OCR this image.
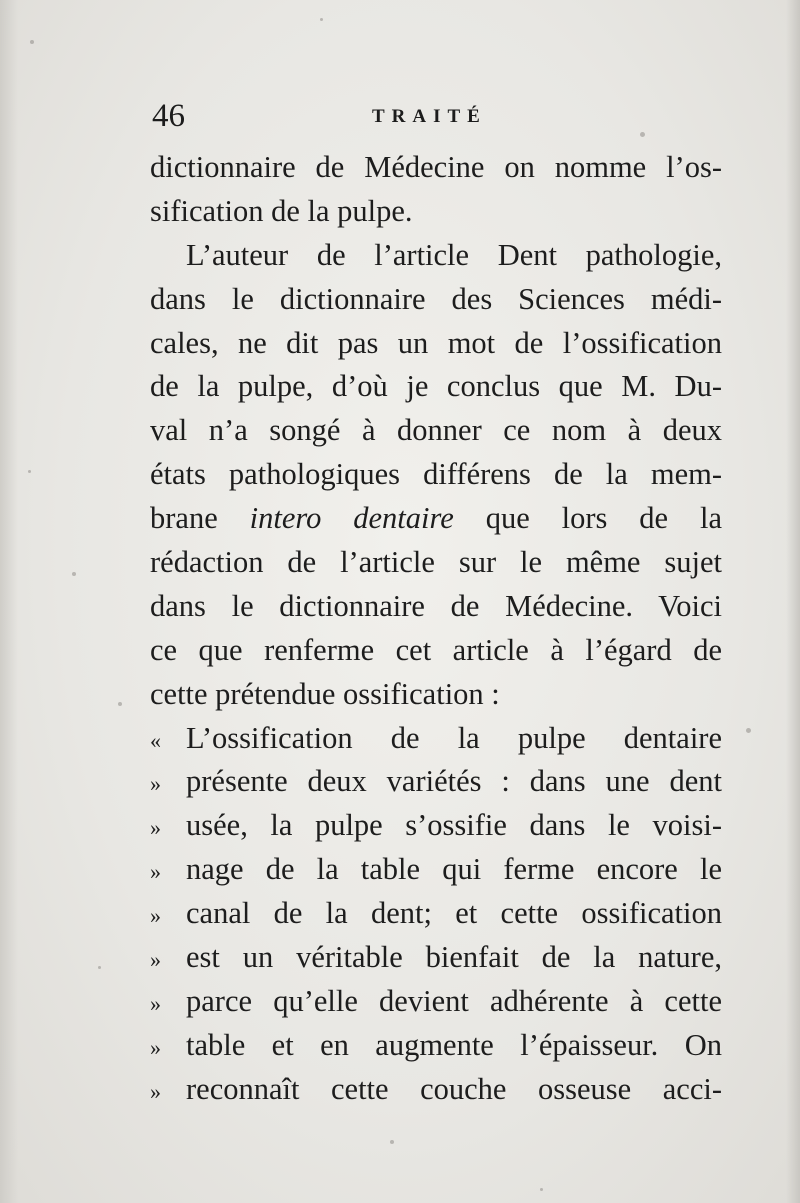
46	TRAITÉ
dictionnaire de Médecine on nomme l’os-
sification de la pulpe.
L’auteur de l’article Dent pathologie,
dans le dictionnaire des Sciences médi-
cales, ne dit pas un mot de l’ossification
de la pulpe, d’où je conclus que M. Du-
val n’a songé à donner ce nom à deux
états pathologiques différens de la mem-
brane intero dentaire que lors de la
rédaction de l’article sur le même sujet
dans le dictionnaire de Médecine. Voici
ce que renferme cet article à l’égard de
cette prétendue ossification :
« L’ossification de la pulpe dentaire
» présente deux variétés : dans une dent
» usée, la pulpe s’ossifie dans le voisi-
» nage de la table qui ferme encore le
» canal de la dent; et cette ossification
» est un véritable bienfait de la nature,
» parce qu’elle devient adhérente à cette
» table et en augmente l’épaisseur. On
» reconnaît cette couche osseuse acci-
